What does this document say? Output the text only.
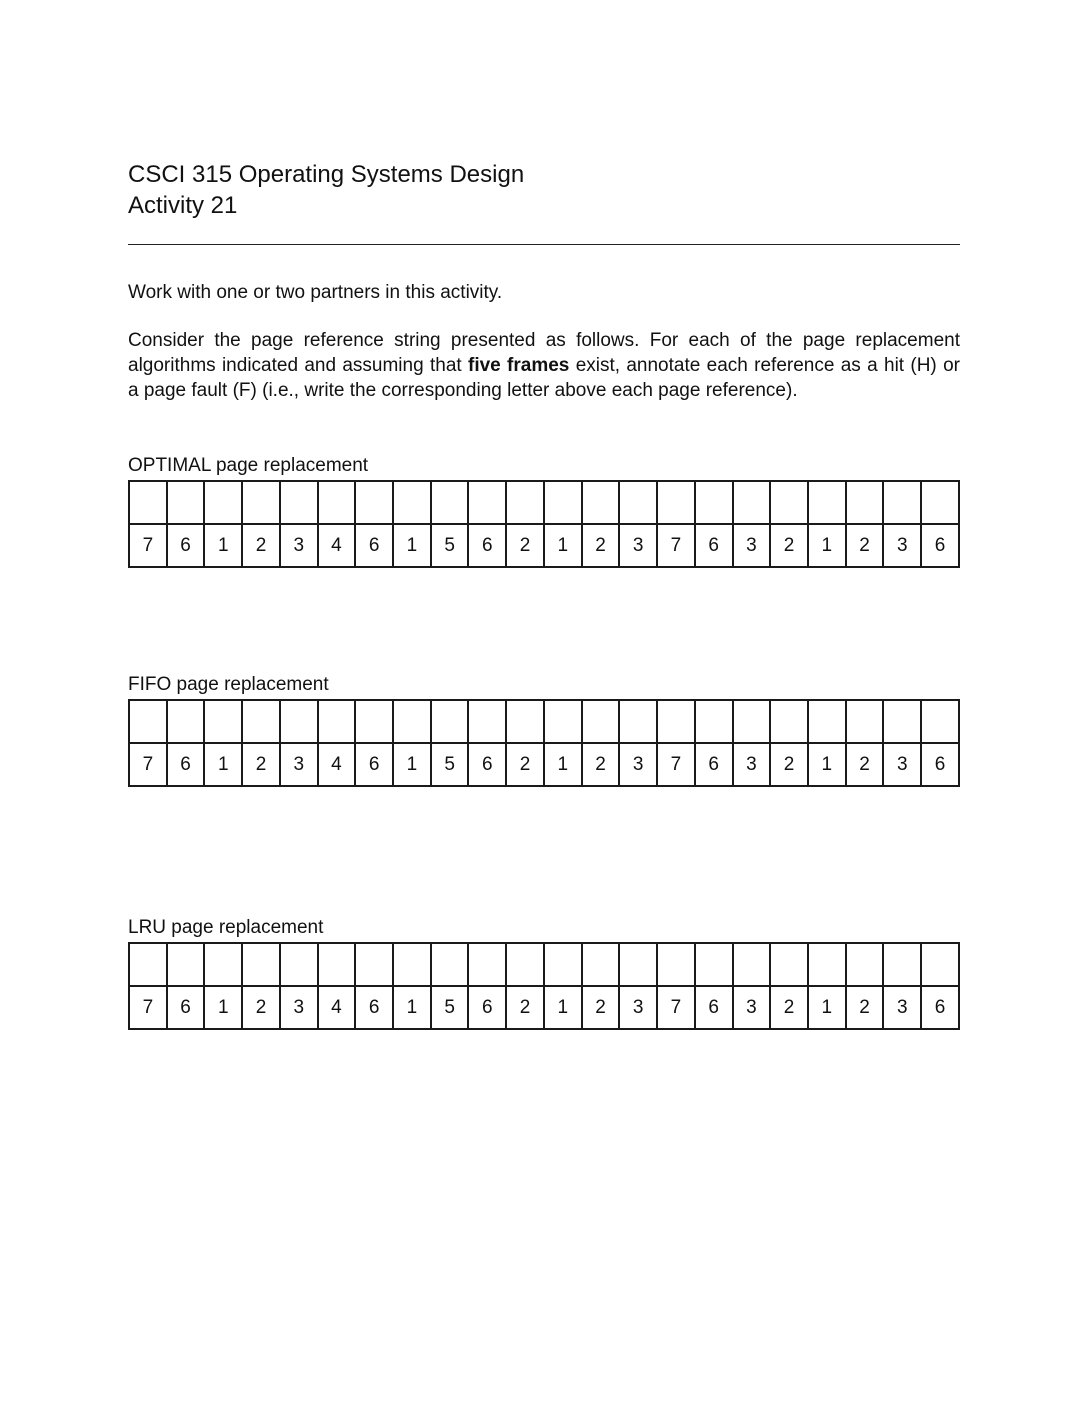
CSCI 315 Operating Systems Design
Activity 21

Work with one or two partners in this activity.

Consider the page reference string presented as follows. For each of the page replacement algorithms indicated and assuming that five frames exist, annotate each reference as a hit (H) or a page fault (F) (i.e., write the corresponding letter above each page reference).

OPTIMAL page replacement

7	6	1	2	3	4	6	1	5	6	2	1	2	3	7	6	3	2	1	2	3	6

FIFO page replacement

7	6	1	2	3	4	6	1	5	6	2	1	2	3	7	6	3	2	1	2	3	6

LRU page replacement

7	6	1	2	3	4	6	1	5	6	2	1	2	3	7	6	3	2	1	2	3	6
